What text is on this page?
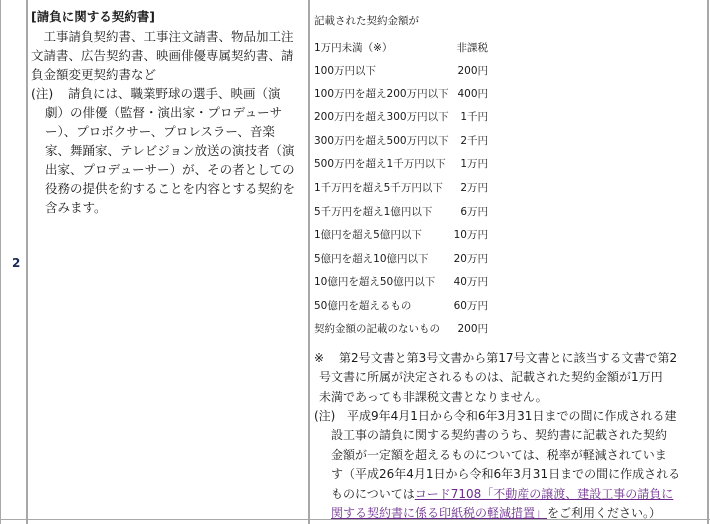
2
[請負に関する契約書]
　工事請負契約書、工事注文請書、物品加工注
文請書、広告契約書、映画俳優専属契約書、請
負金額変更契約書など
(注)	請負には、職業野球の選手、映画（演
劇）の俳優（監督・演出家・プロデューサ
ー）、プロボクサー、プロレスラー、音楽
家、舞踊家、テレビジョン放送の演技者（演
出家、プロデューサー）が、その者としての
役務の提供を約することを内容とする契約を
含みます。
記載された契約金額が
1万円未満（※）	非課税
100万円以下	200円
100万円を超え200万円以下 400円
200万円を超え300万円以下	1千円
300万円を超え500万円以下	2千円
500万円を超え1千万円以下	1万円
1千万円を超え5千万円以下	2万円
5千万円を超え1億円以下	6万円
1億円を超え5億円以下	10万円
5億円を超え10億円以下	20万円
10億円を超え50億円以下	40万円
50億円を超えるもの	60万円
契約金額の記載のないもの	200円
※	第2号文書と第3号文書から第17号文書とに該当する文書で第2
号文書に所属が決定されるものは、記載された契約金額が1万円
未満であっても非課税文書となりません。
(注) 平成9年4月1日から令和6年3月31日までの間に作成される建
設工事の請負に関する契約書のうち、契約書に記載された契約
金額が一定額を超えるものについては、税率が軽減されていま
す（平成26年4月1日から令和6年3月31日までの間に作成される
ものについてはコード7108「不動産の譲渡、建設工事の請負に
関する契約書に係る印紙税の軽減措置」をご利用ください。）
